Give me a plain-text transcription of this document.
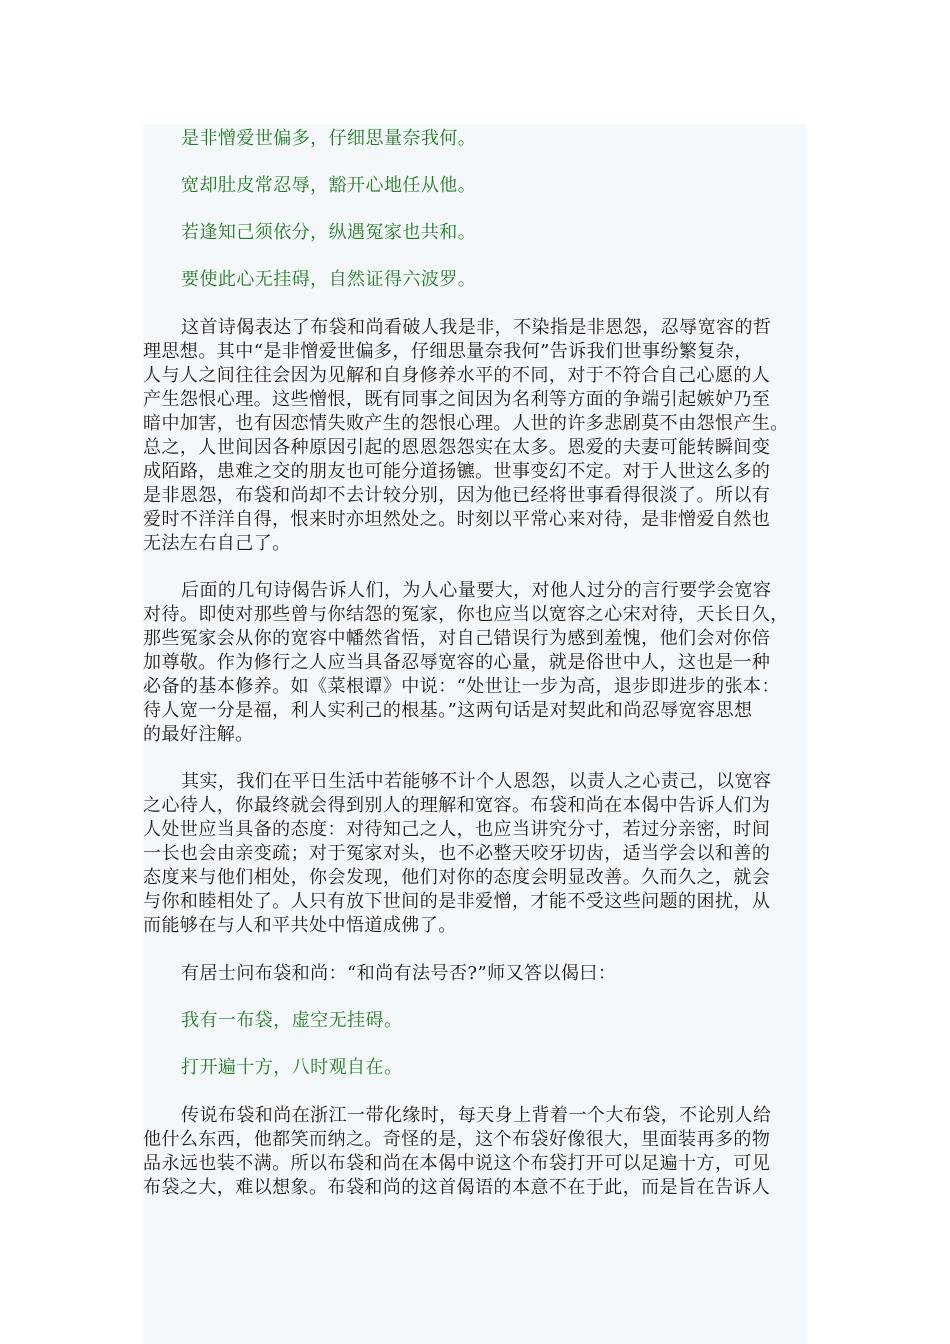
是非憎爱世偏多，仔细思量奈我何。
宽却肚皮常忍辱，豁开心地任从他。
若逢知己须依分，纵遇冤家也共和。
要使此心无挂碍，自然证得六波罗。
这首诗偈表达了布袋和尚看破人我是非，不染指是非恩怨，忍辱宽容的哲
理思想。其中“是非憎爱世偏多，仔细思量奈我何”告诉我们世事纷繁复杂，
人与人之间往往会因为见解和自身修养水平的不同，对于不符合自己心愿的人
产生怨恨心理。这些憎恨，既有同事之间因为名利等方面的争端引起嫉妒乃至
暗中加害，也有因恋情失败产生的怨恨心理。人世的许多悲剧莫不由怨恨产生。
总之，人世间因各种原因引起的恩恩怨怨实在太多。恩爱的夫妻可能转瞬间变
成陌路，患难之交的朋友也可能分道扬镳。世事变幻不定。对于人世这么多的
是非恩怨，布袋和尚却不去计较分别，因为他已经将世事看得很淡了。所以有
爱时不洋洋自得，恨来时亦坦然处之。时刻以平常心来对待，是非憎爱自然也
无法左右自己了。
后面的几句诗偈告诉人们，为人心量要大，对他人过分的言行要学会宽容
对待。即使对那些曾与你结怨的冤家，你也应当以宽容之心宋对待，天长日久，
那些冤家会从你的宽容中幡然省悟，对自己错误行为感到羞愧，他们会对你倍
加尊敬。作为修行之人应当具备忍辱宽容的心量，就是俗世中人，这也是一种
必备的基本修养。如《菜根谭》中说：“处世让一步为高，退步即进步的张本：
待人宽一分是福，利人实利己的根基。”这两句话是对契此和尚忍辱宽容思想
的最好注解。
其实，我们在平日生活中若能够不计个人恩怨，以责人之心责己，以宽容
之心待人，你最终就会得到别人的理解和宽容。布袋和尚在本偈中告诉人们为
人处世应当具备的态度：对待知己之人，也应当讲究分寸，若过分亲密，时间
一长也会由亲变疏；对于冤家对头，也不必整天咬牙切齿，适当学会以和善的
态度来与他们相处，你会发现，他们对你的态度会明显改善。久而久之，就会
与你和睦相处了。人只有放下世间的是非爱憎，才能不受这些问题的困扰，从
而能够在与人和平共处中悟道成佛了。
有居士问布袋和尚：“和尚有法号否?”师又答以偈曰：
我有一布袋，虚空无挂碍。
打开遍十方，八时观自在。
传说布袋和尚在浙江一带化缘时，每天身上背着一个大布袋，不论别人给
他什么东西，他都笑而纳之。奇怪的是，这个布袋好像很大，里面装再多的物
品永远也装不满。所以布袋和尚在本偈中说这个布袋打开可以足遍十方，可见
布袋之大，难以想象。布袋和尚的这首偈语的本意不在于此，而是旨在告诉人
